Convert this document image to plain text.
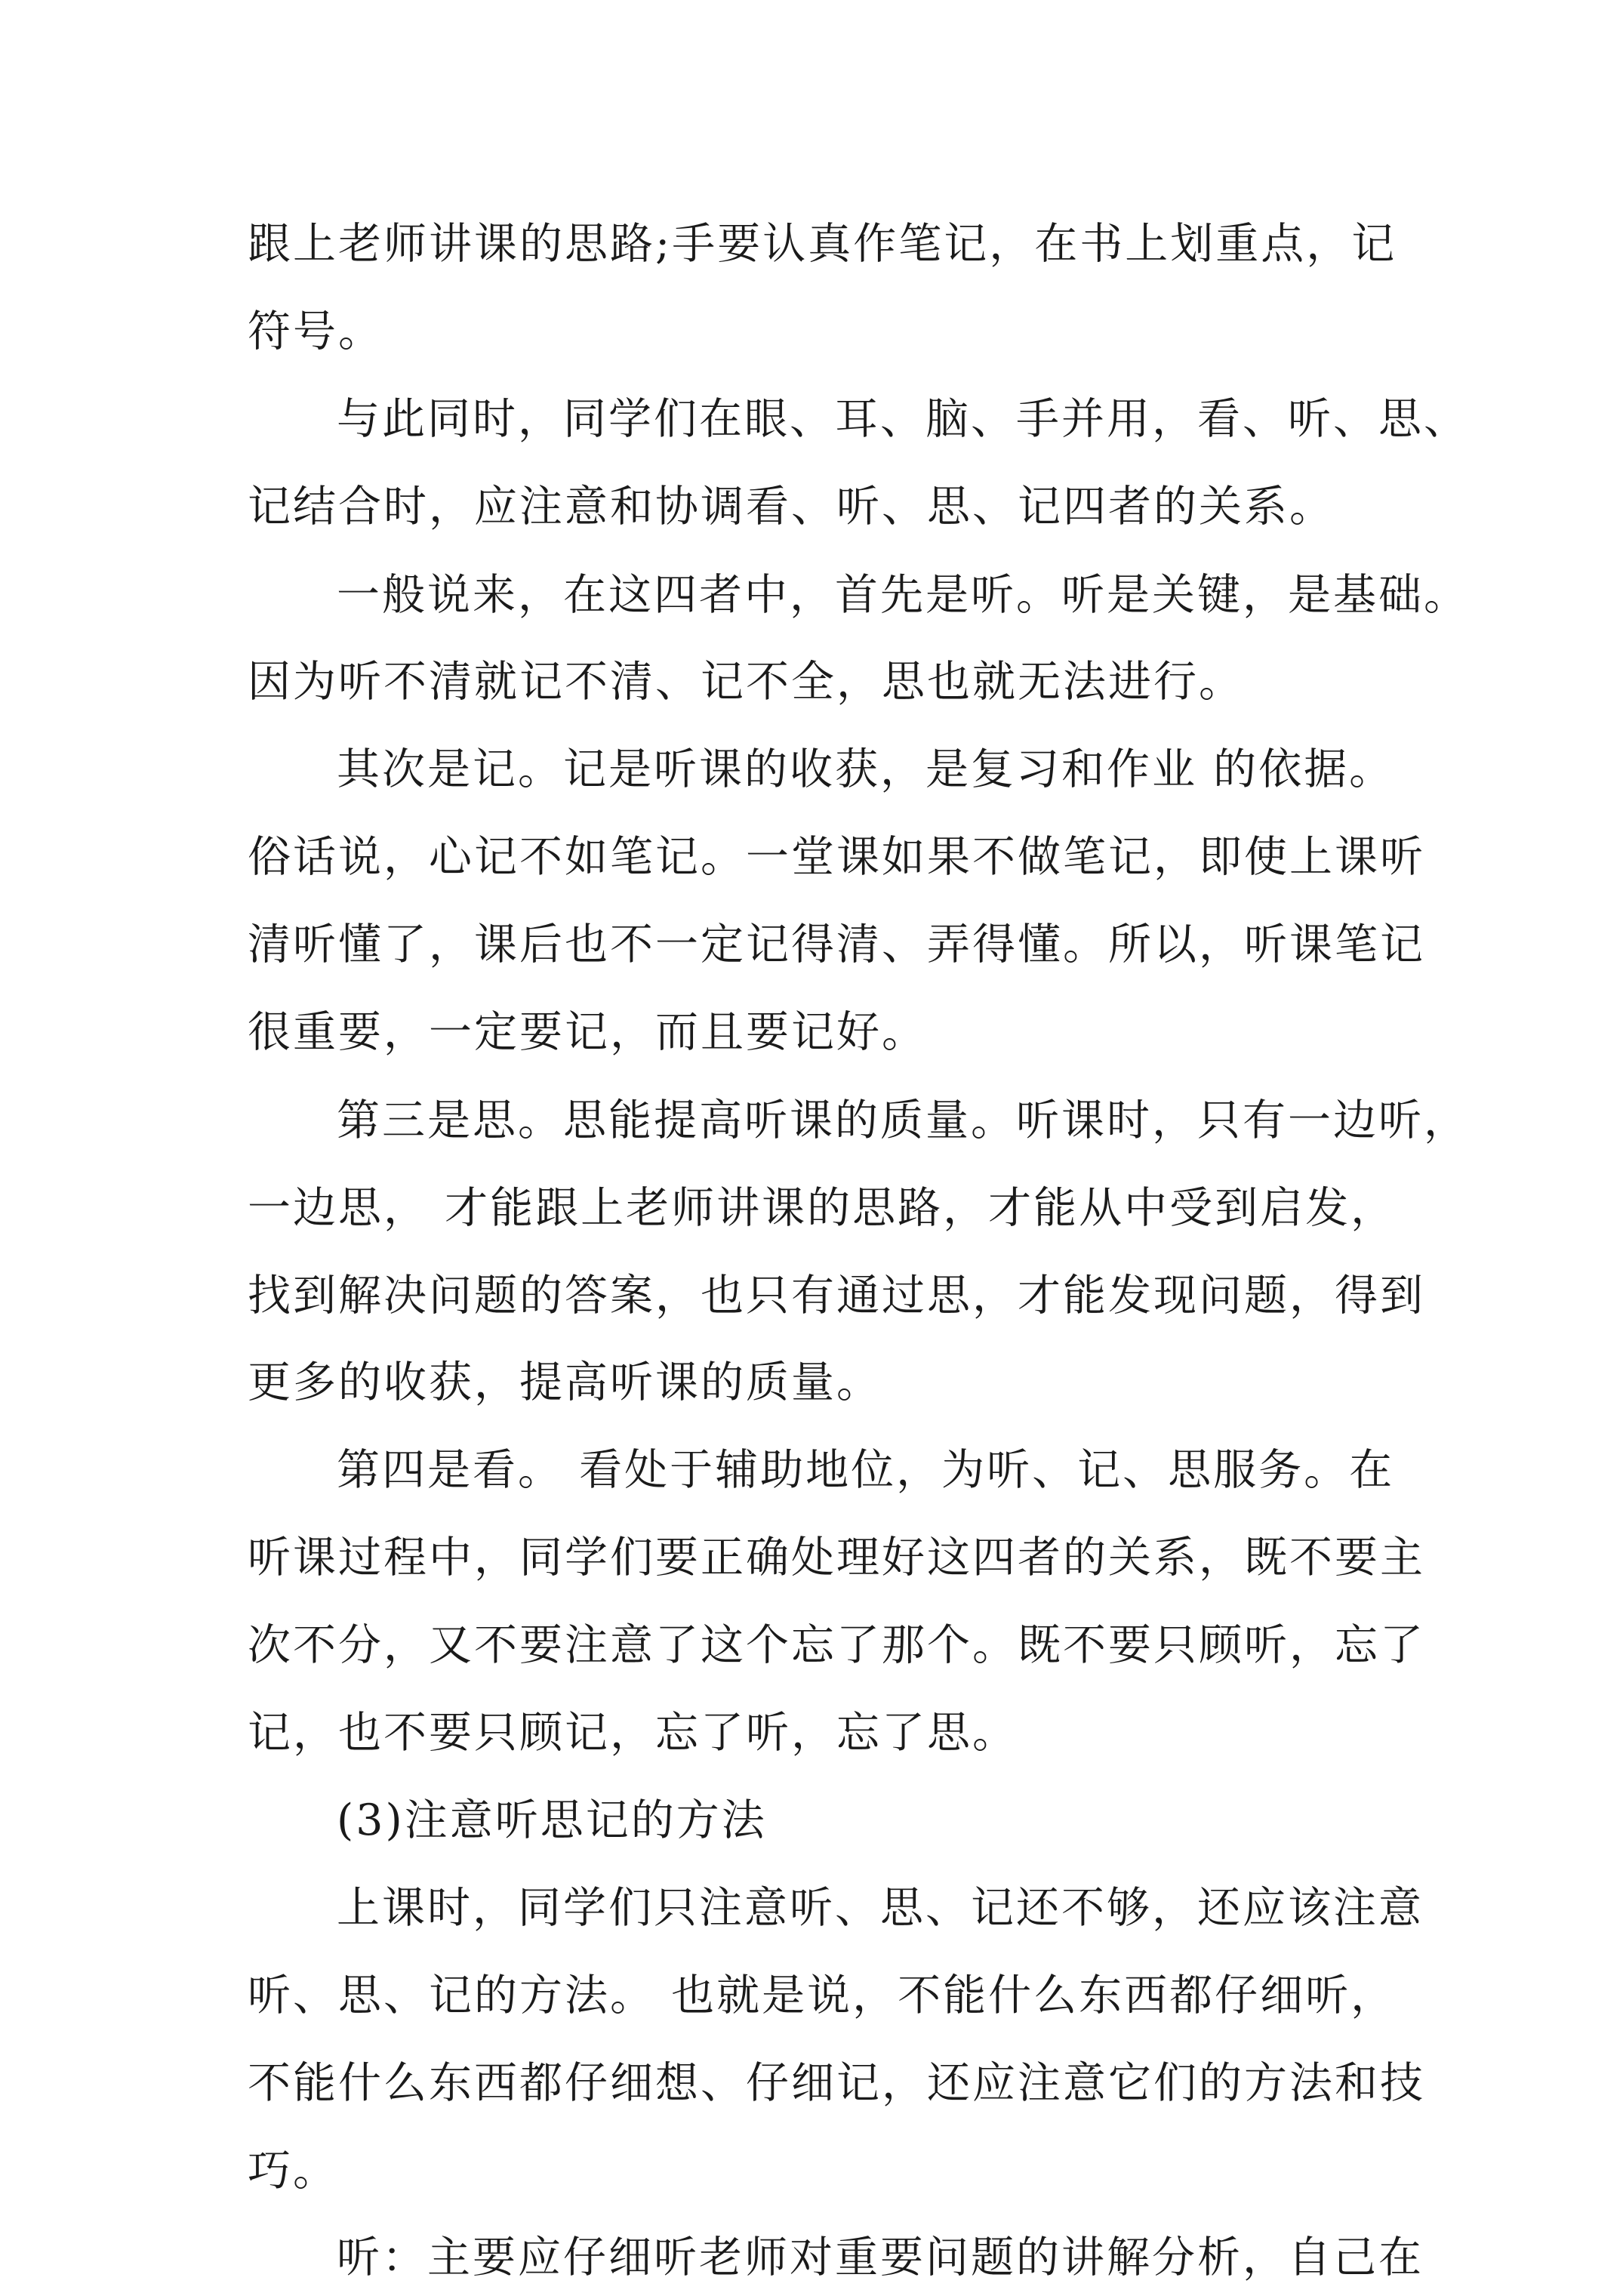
跟上老师讲课的思路;手要认真作笔记，在书上划重点，记

符号。

与此同时，同学们在眼、耳、脑、手并用，看、听、思、

记结合时，应注意和协调看、听、思、记四者的关系。

一般说来，在这四者中，首先是听。听是关键，是基础。

因为听不清就记不清、记不全，思也就无法进行。

其次是记。记是听课的收获，是复习和作业 的依据。

俗话说，心记不如笔记。一堂课如果不做笔记，即使上课听

清听懂了，课后也不一定记得清、弄得懂。所以，听课笔记

很重要，一定要记，而且要记好。

第三是思。思能提高听课的质量。听课时，只有一边听，

一边思， 才能跟上老师讲课的思路，才能从中受到启发，

找到解决问题的答案，也只有通过思，才能发现问题，得到

更多的收获，提高听课的质量。

第四是看。 看处于辅助地位，为听、记、思服务。在

听课过程中，同学们要正确处理好这四者的关系，既不要主

次不分，又不要注意了这个忘了那个。既不要只顾听，忘了

记，也不要只顾记，忘了听，忘了思。

(3)注意听思记的方法

上课时，同学们只注意听、思、记还不够，还应该注意

听、思、记的方法。 也就是说，不能什么东西都仔细听，

不能什么东西都仔细想、仔细记，还应注意它们的方法和技

巧。

听：主要应仔细听老师对重要问题的讲解分析，自己在
